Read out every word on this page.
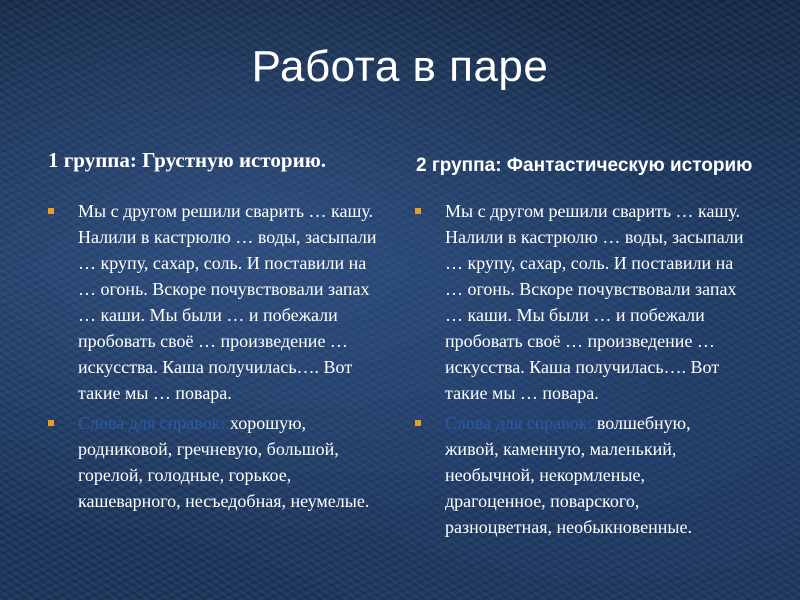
Работа в паре
1 группа: Грустную историю.	2 группа: Фантастическую историю
Мы с другом решили сварить … кашу. Налили в кастрюлю … воды, засыпали … крупу, сахар, соль. И поставили на … огонь. Вскоре почувствовали запах … каши. Мы были … и побежали пробовать своё … произведение …искусства. Каша получилась…. Вот такие мы … повара.
Слова для справок: хорошую, родниковой, гречневую, большой, горелой, голодные, горькое, кашеварного, несъедобная, неумелые.
Мы с другом решили сварить … кашу. Налили в кастрюлю … воды, засыпали … крупу, сахар, соль. И поставили на … огонь. Вскоре почувствовали запах … каши. Мы были … и побежали пробовать своё … произведение …искусства. Каша получилась…. Вот такие мы … повара.
Слова для справок: волшебную, живой, каменную, маленький, необычной, некормленые, драгоценное, поварского, разноцветная, необыкновенные.
